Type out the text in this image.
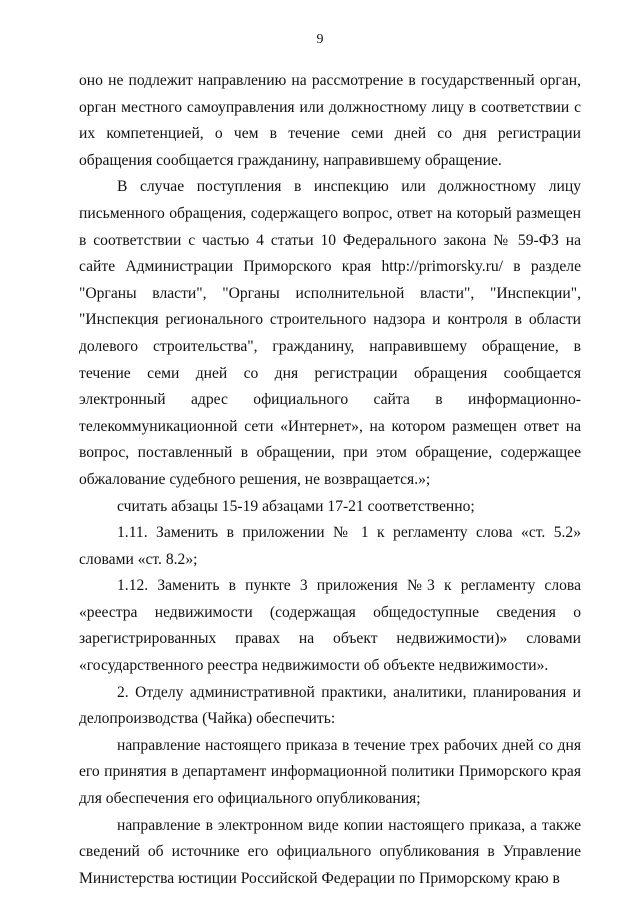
9

оно не подлежит направлению на рассмотрение в государственный орган, орган местного самоуправления или должностному лицу в соответствии с их компетенцией, о чем в течение семи дней со дня регистрации обращения сообщается гражданину, направившему обращение.

В случае поступления в инспекцию или должностному лицу письменного обращения, содержащего вопрос, ответ на который размещен в соответствии с частью 4 статьи 10 Федерального закона № 59-ФЗ на сайте Администрации Приморского края http://primorsky.ru/ в разделе "Органы власти", "Органы исполнительной власти", "Инспекции", "Инспекция регионального строительного надзора и контроля в области долевого строительства", гражданину, направившему обращение, в течение семи дней со дня регистрации обращения сообщается электронный адрес официального сайта в информационно-телекоммуникационной сети «Интернет», на котором размещен ответ на вопрос, поставленный в обращении, при этом обращение, содержащее обжалование судебного решения, не возвращается.»;

считать абзацы 15-19 абзацами 17-21 соответственно;

1.11. Заменить в приложении № 1 к регламенту слова «ст. 5.2» словами «ст. 8.2»;

1.12. Заменить в пункте 3 приложения №3 к регламенту слова «реестра недвижимости (содержащая общедоступные сведения о зарегистрированных правах на объект недвижимости)» словами «государственного реестра недвижимости об объекте недвижимости».

2. Отделу административной практики, аналитики, планирования и делопроизводства (Чайка) обеспечить:

направление настоящего приказа в течение трех рабочих дней со дня его принятия в департамент информационной политики Приморского края для обеспечения его официального опубликования;

направление в электронном виде копии настоящего приказа, а также сведений об источнике его официального опубликования в Управление Министерства юстиции Российской Федерации по Приморскому краю в
